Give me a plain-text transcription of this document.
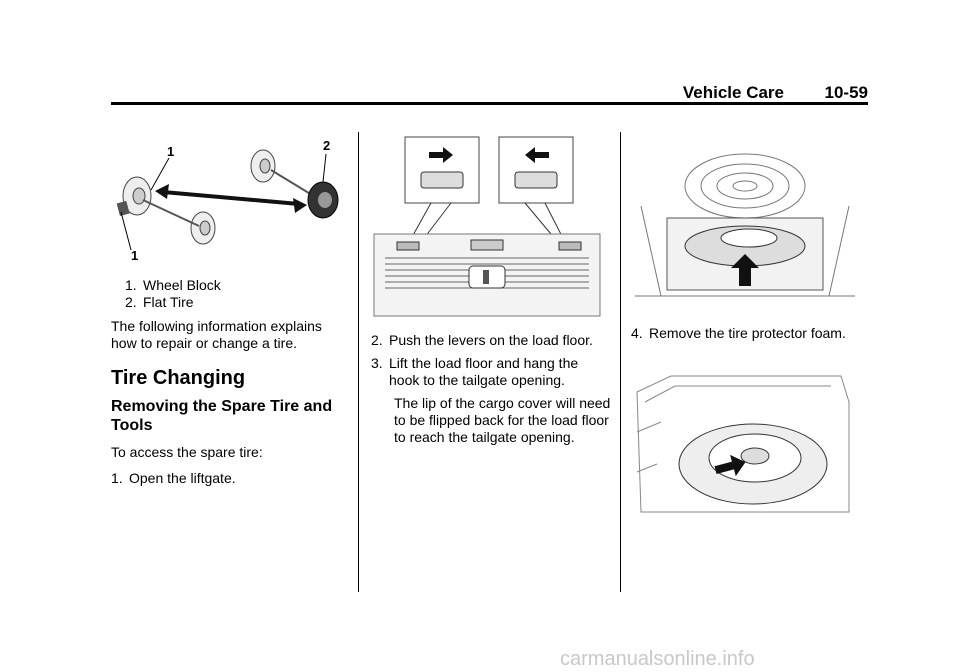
Vehicle Care 10-59
1	2
1
1. Wheel Block
2. Flat Tire

The following information explains how to repair or change a tire.

Tire Changing

Removing the Spare Tire and Tools

To access the spare tire:

1. Open the liftgate.
2. Push the levers on the load floor.
3. Lift the load floor and hang the hook to the tailgate opening.

The lip of the cargo cover will need to be flipped back for the load floor to reach the tailgate opening.

4. Remove the tire protector foam.
carmanualsonline.info
